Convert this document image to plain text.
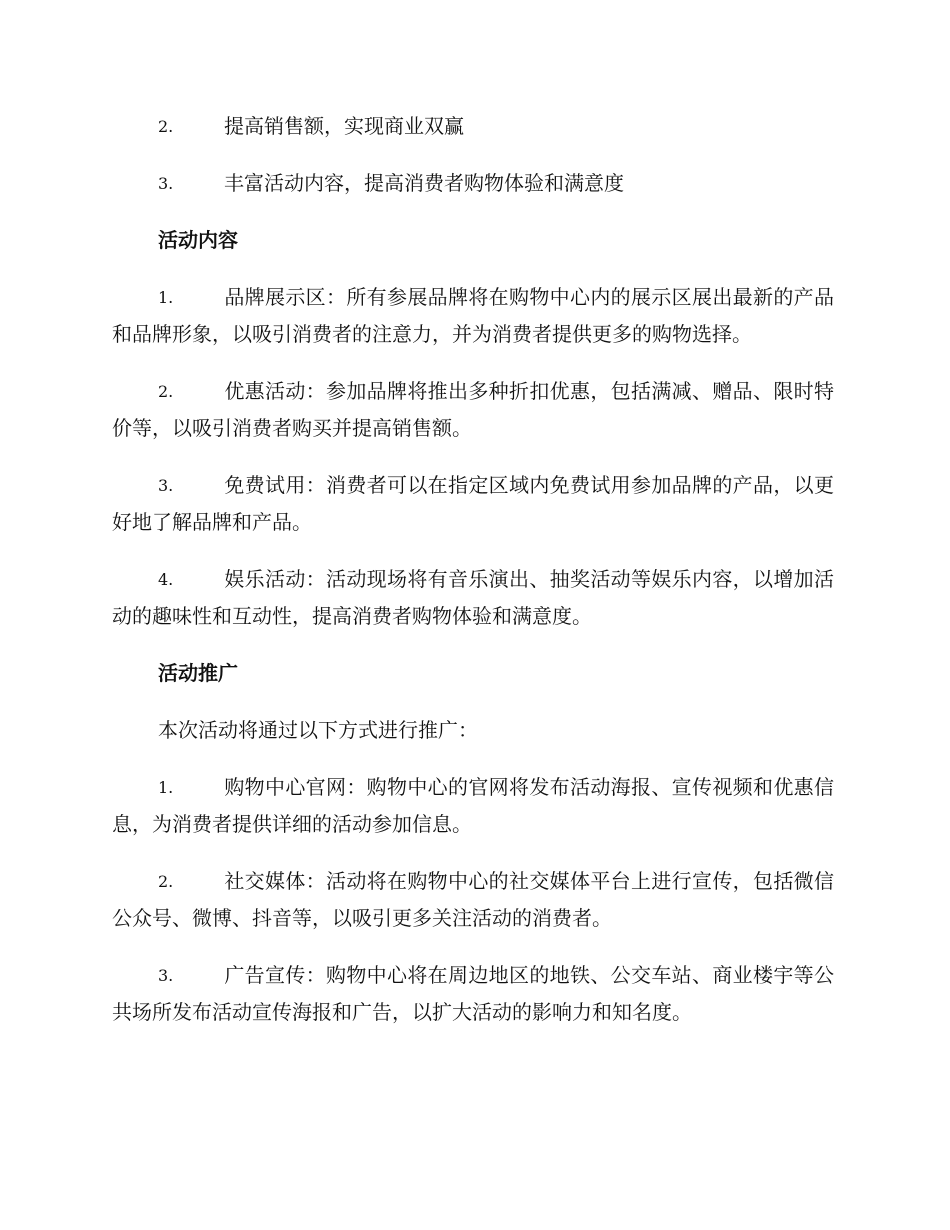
2.	提高销售额，实现商业双赢

3.	丰富活动内容，提高消费者购物体验和满意度

活动内容

1.	品牌展示区：所有参展品牌将在购物中心内的展示区展出最新的产品和品牌形象，以吸引消费者的注意力，并为消费者提供更多的购物选择。

2.	优惠活动：参加品牌将推出多种折扣优惠，包括满减、赠品、限时特价等，以吸引消费者购买并提高销售额。

3.	免费试用：消费者可以在指定区域内免费试用参加品牌的产品，以更好地了解品牌和产品。

4.	娱乐活动：活动现场将有音乐演出、抽奖活动等娱乐内容，以增加活动的趣味性和互动性，提高消费者购物体验和满意度。

活动推广

本次活动将通过以下方式进行推广：

1.	购物中心官网：购物中心的官网将发布活动海报、宣传视频和优惠信息，为消费者提供详细的活动参加信息。

2.	社交媒体：活动将在购物中心的社交媒体平台上进行宣传，包括微信公众号、微博、抖音等，以吸引更多关注活动的消费者。

3.	广告宣传：购物中心将在周边地区的地铁、公交车站、商业楼宇等公共场所发布活动宣传海报和广告，以扩大活动的影响力和知名度。
